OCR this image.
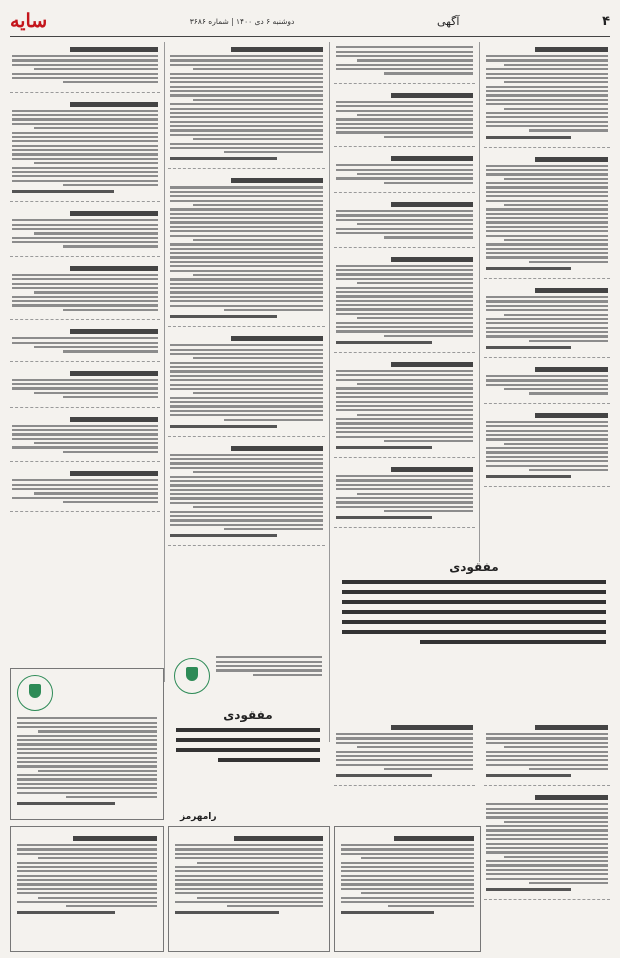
۴
آگهی
دوشنبه ۶ دی ۱۴۰۰ | شماره ۳۶۸۶
سایه
مفقودی
مفقودی
رامهرمز
